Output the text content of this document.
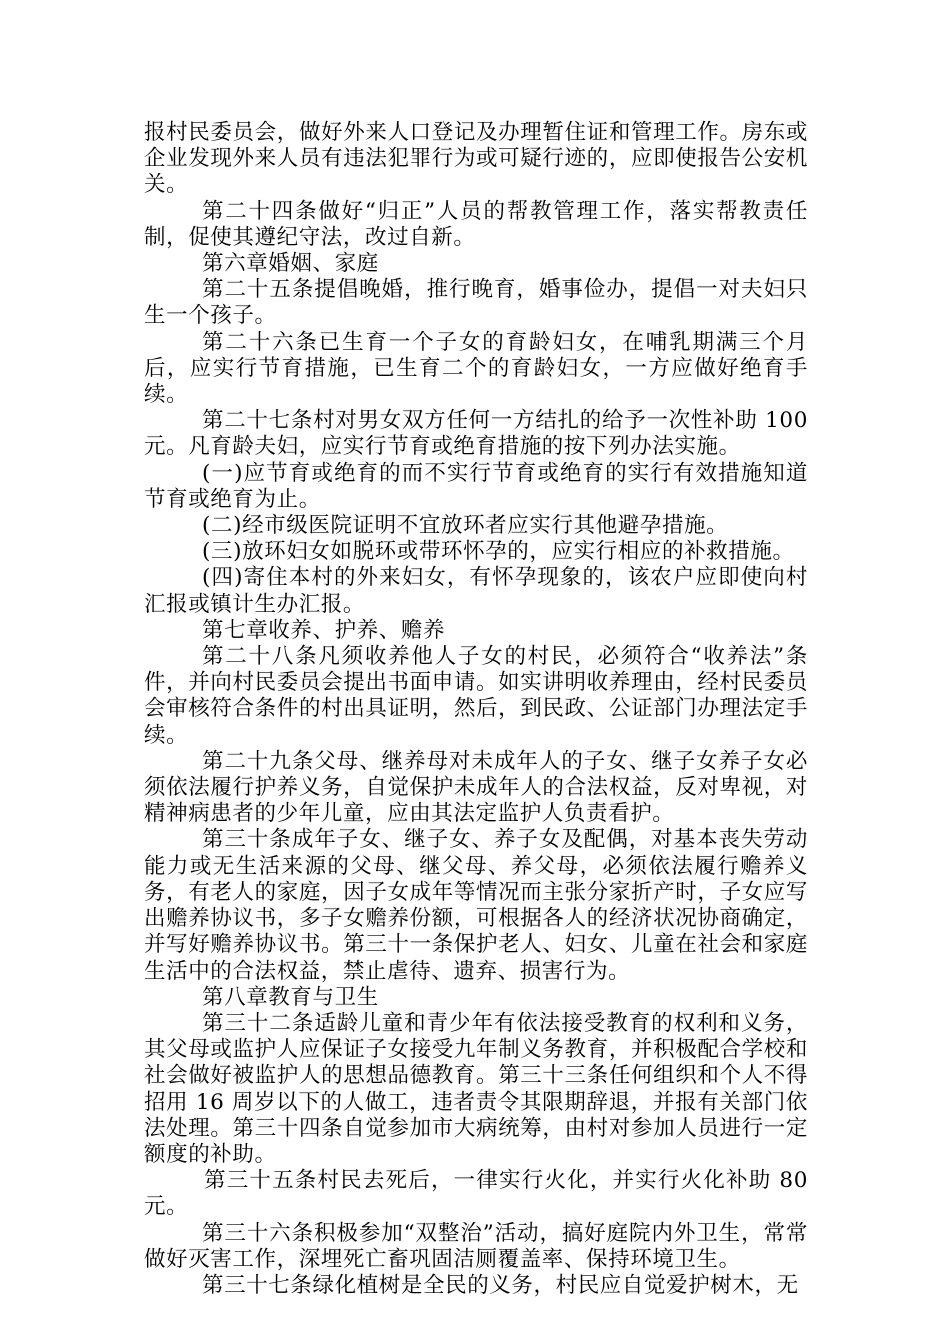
报村民委员会，做好外来人口登记及办理暂住证和管理工作。房东或企业发现外来人员有违法犯罪行为或可疑行迹的，应即使报告公安机关。

第二十四条做好“归正”人员的帮教管理工作，落实帮教责任制，促使其遵纪守法，改过自新。

第六章婚姻、家庭

第二十五条提倡晚婚，推行晚育，婚事俭办，提倡一对夫妇只生一个孩子。

第二十六条已生育一个子女的育龄妇女，在哺乳期满三个月后，应实行节育措施，已生育二个的育龄妇女，一方应做好绝育手续。

第二十七条村对男女双方任何一方结扎的给予一次性补助 100 元。凡育龄夫妇，应实行节育或绝育措施的按下列办法实施。

(一)应节育或绝育的而不实行节育或绝育的实行有效措施知道节育或绝育为止。

(二)经市级医院证明不宜放环者应实行其他避孕措施。

(三)放环妇女如脱环或带环怀孕的，应实行相应的补救措施。

(四)寄住本村的外来妇女，有怀孕现象的，该农户应即使向村汇报或镇计生办汇报。

第七章收养、护养、赡养

第二十八条凡须收养他人子女的村民，必须符合“收养法”条件，并向村民委员会提出书面申请。如实讲明收养理由，经村民委员会审核符合条件的村出具证明，然后，到民政、公证部门办理法定手续。

第二十九条父母、继养母对未成年人的子女、继子女养子女必须依法履行护养义务，自觉保护未成年人的合法权益，反对卑视，对精神病患者的少年儿童，应由其法定监护人负责看护。

第三十条成年子女、继子女、养子女及配偶，对基本丧失劳动能力或无生活来源的父母、继父母、养父母，必须依法履行赡养义务，有老人的家庭，因子女成年等情况而主张分家折产时，子女应写出赡养协议书，多子女赡养份额，可根据各人的经济状况协商确定，并写好赡养协议书。第三十一条保护老人、妇女、儿童在社会和家庭生活中的合法权益，禁止虐待、遗弃、损害行为。

第八章教育与卫生

第三十二条适龄儿童和青少年有依法接受教育的权利和义务，其父母或监护人应保证子女接受九年制义务教育，并积极配合学校和社会做好被监护人的思想品德教育。第三十三条任何组织和个人不得招用 16 周岁以下的人做工，违者责令其限期辞退，并报有关部门依法处理。第三十四条自觉参加市大病统筹，由村对参加人员进行一定额度的补助。

第三十五条村民去死后，一律实行火化，并实行火化补助 80 元。

第三十六条积极参加“双整治”活动，搞好庭院内外卫生，常常做好灭害工作，深埋死亡畜巩固洁厕覆盖率、保持环境卫生。

第三十七条绿化植树是全民的义务，村民应自觉爱护树木，无
